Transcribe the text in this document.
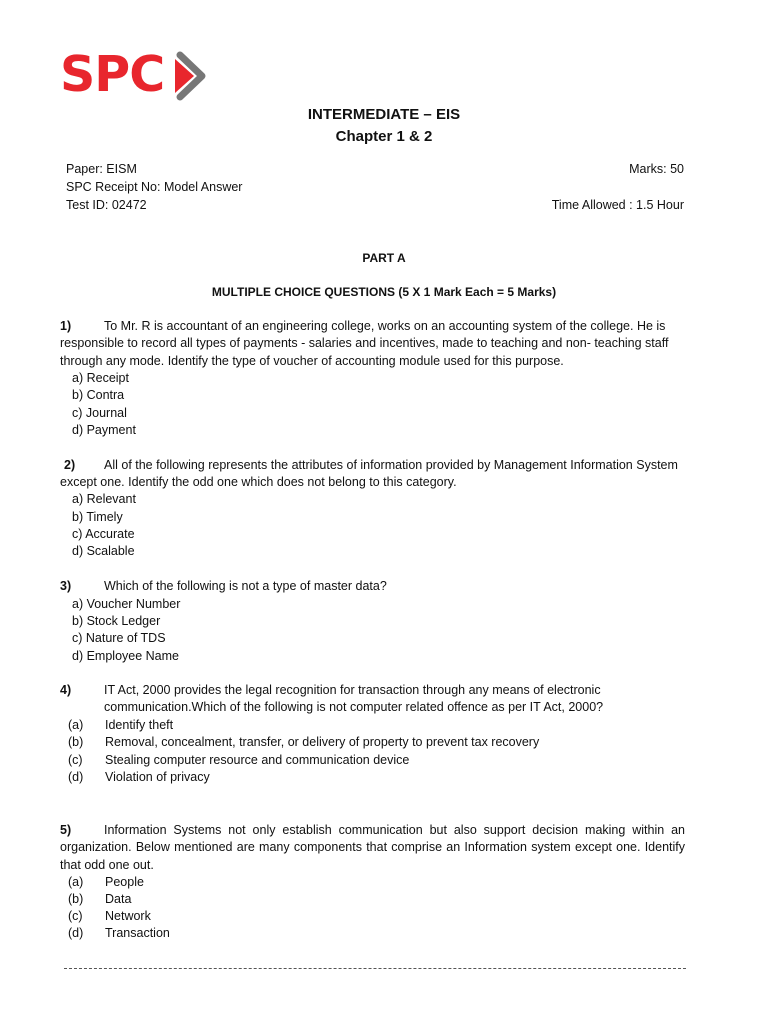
SPC
INTERMEDIATE – EIS
Chapter 1 & 2
Paper: EISM
SPC Receipt No: Model Answer
Test ID: 02472
Marks: 50
Time Allowed : 1.5 Hour
PART A
MULTIPLE CHOICE QUESTIONS (5 X 1 Mark Each = 5 Marks)
1)	To Mr. R is accountant of an engineering college, works on an accounting system of the college. He is responsible to record all types of payments - salaries and incentives, made to teaching and non- teaching staff through any mode. Identify the type of voucher of accounting module used for this purpose.
a) Receipt
b) Contra
c) Journal
d) Payment
2) All of the following represents the attributes of information provided by Management Information System except one. Identify the odd one which does not belong to this category.
a) Relevant
b) Timely
c) Accurate
d) Scalable
3)	Which of the following is not a type of master data?
a) Voucher Number
b) Stock Ledger
c) Nature of TDS
d) Employee Name
4)	IT Act, 2000 provides the legal recognition for transaction through any means of electronic
communication.Which of the following is not computer related offence as per IT Act, 2000?
(a) Identify theft
(b) Removal, concealment, transfer, or delivery of property to prevent tax recovery
(c) Stealing computer resource and communication device
(d) Violation of privacy
5)	Information Systems not only establish communication but also support decision making within an organization. Below mentioned are many components that comprise an Information system except one. Identify that odd one out.
(a) People
(b) Data
(c) Network
(d) Transaction
